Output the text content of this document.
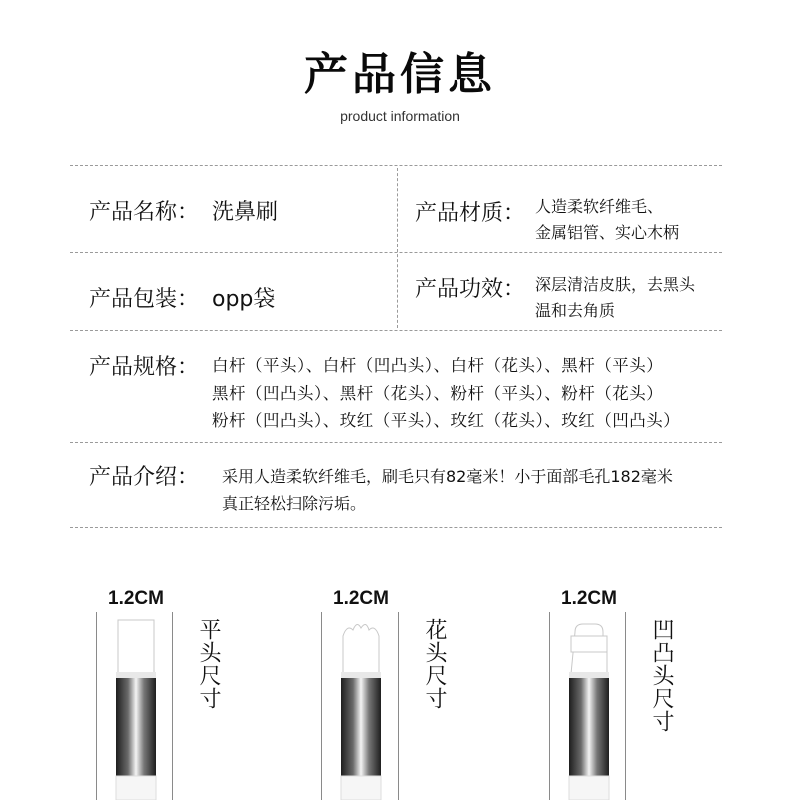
产品信息
product information
产品名称： 洗鼻刷	产品材质： 人造柔软纤维毛、
金属铝管、实心木柄
产品包装： opp袋	产品功效： 深层清洁皮肤，去黑头
温和去角质
产品规格： 白杆（平头）、白杆（凹凸头）、白杆（花头）、黑杆（平头）
黑杆（凹凸头）、黑杆（花头）、粉杆（平头）、粉杆（花头）
粉杆（凹凸头）、玫红（平头）、玫红（花头）、玫红（凹凸头）
产品介绍： 采用人造柔软纤维毛，刷毛只有82毫米！小于面部毛孔182毫米
真正轻松扫除污垢。
1.2CM
平头尺寸
1.2CM
花头尺寸
1.2CM
凹凸头尺寸
